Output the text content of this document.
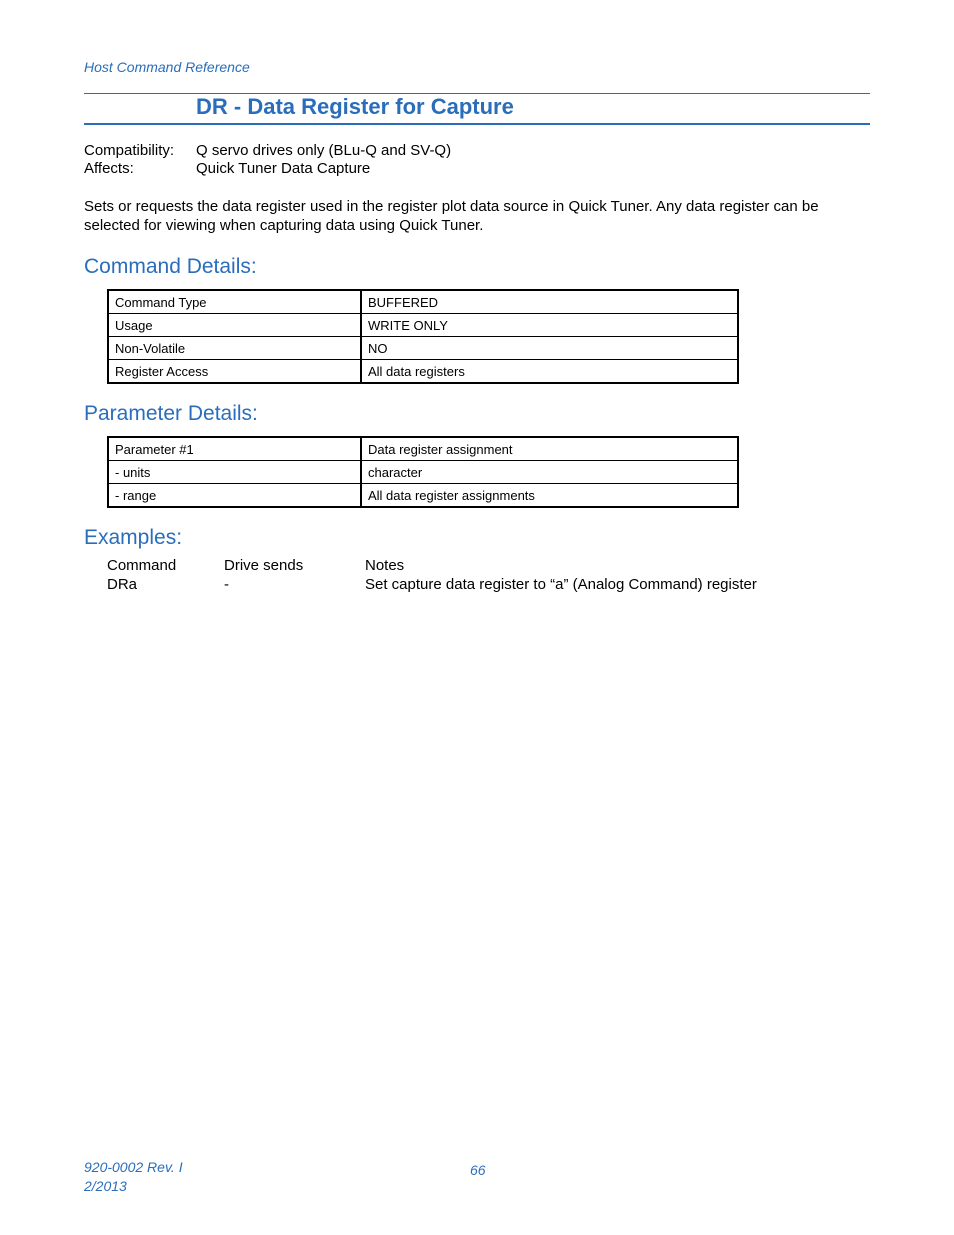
Host Command Reference
DR - Data Register for Capture
Compatibility: Q servo drives only (BLu-Q and SV-Q)
Affects:	Quick Tuner Data Capture
Sets or requests the data register used in the register plot data source in Quick Tuner. Any data register can be selected for viewing when capturing data using Quick Tuner.
Command Details:
Command Type	BUFFERED
Usage	WRITE ONLY
Non-Volatile	NO
Register Access	All data registers
Parameter Details:
Parameter #1	Data register assignment
- units	character
- range	All data register assignments
Examples:
Command	Drive sends	Notes
DRa	-	Set capture data register to “a” (Analog Command) register
920-0002 Rev. I
2/2013
66
